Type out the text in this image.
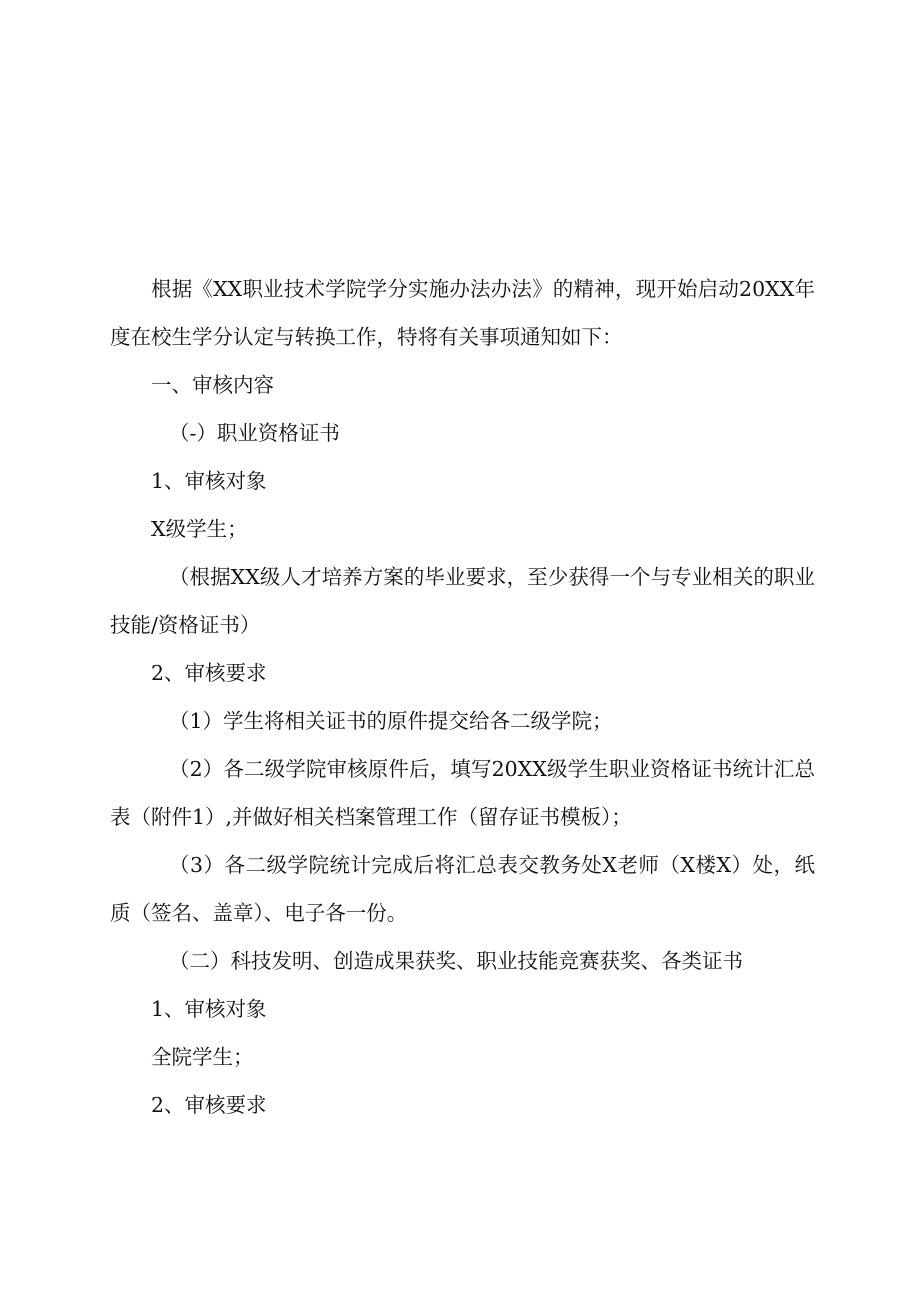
根据《XX职业技术学院学分实施办法办法》的精神，现开始启动20XX年度在校生学分认定与转换工作，特将有关事项通知如下：

一、审核内容

（-）职业资格证书

1、审核对象

X级学生；

（根据XX级人才培养方案的毕业要求，至少获得一个与专业相关的职业技能/资格证书）

2、审核要求

（1）学生将相关证书的原件提交给各二级学院；

（2）各二级学院审核原件后，填写20XX级学生职业资格证书统计汇总表（附件1）,并做好相关档案管理工作（留存证书模板）；

（3）各二级学院统计完成后将汇总表交教务处X老师（X楼X）处，纸质（签名、盖章）、电子各一份。

（二）科技发明、创造成果获奖、职业技能竞赛获奖、各类证书

1、审核对象

全院学生；

2、审核要求
